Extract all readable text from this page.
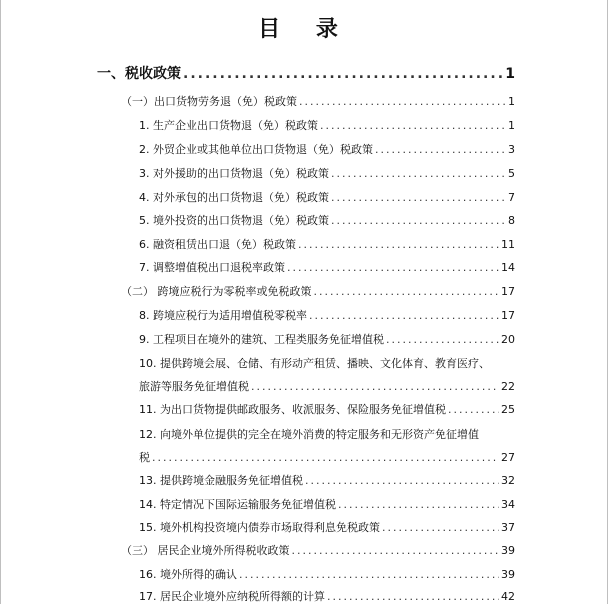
目 录
一、税收政策 .....	1
（一）出口货物劳务退（免）税政策 .....	1
1. 生产企业出口货物退（免）税政策 .....	1
2. 外贸企业或其他单位出口货物退（免）税政策 .....	3
3. 对外援助的出口货物退（免）税政策 .....	5
4. 对外承包的出口货物退（免）税政策 .....	7
5. 境外投资的出口货物退（免）税政策 .....	8
6. 融资租赁出口退（免）税政策 .....	11
7. 调整增值税出口退税率政策 .....	14
（二） 跨境应税行为零税率或免税政策 .....	17
8. 跨境应税行为适用增值税零税率 .....	17
9. 工程项目在境外的建筑、工程类服务免征增值税 .....	20
10. 提供跨境会展、仓储、有形动产租赁、播映、文化体育、教育医疗、
旅游等服务免征增值税 .....	22
11. 为出口货物提供邮政服务、收派服务、保险服务免征增值税 .....	25
12. 向境外单位提供的完全在境外消费的特定服务和无形资产免征增值
税 .....	27
13. 提供跨境金融服务免征增值税 .....	32
14. 特定情况下国际运输服务免征增值税 .....	34
15. 境外机构投资境内债券市场取得利息免税政策 .....	37
（三） 居民企业境外所得税收政策 .....	39
16. 境外所得的确认 .....	39
17. 居民企业境外应纳税所得额的计算 .....	42
